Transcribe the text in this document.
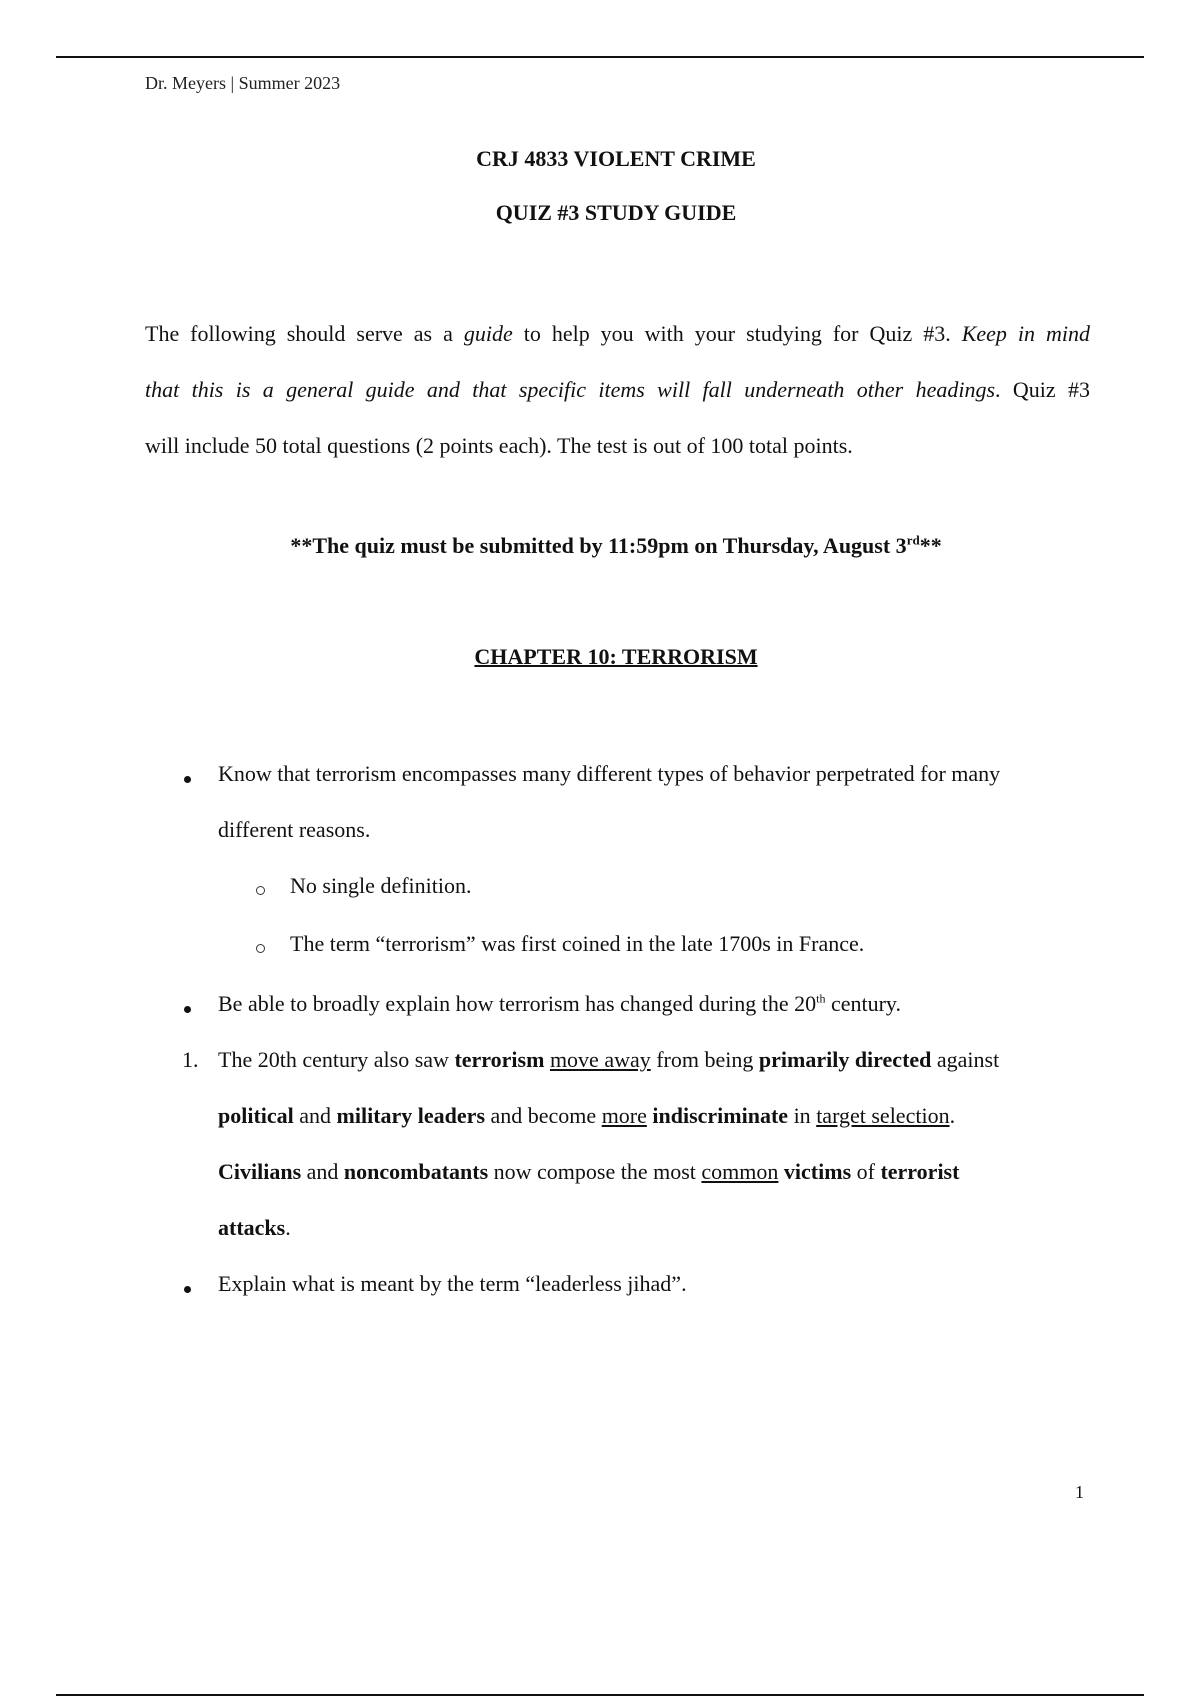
Dr. Meyers | Summer 2023
CRJ 4833 VIOLENT CRIME
QUIZ #3 STUDY GUIDE
The following should serve as a guide to help you with your studying for Quiz #3. Keep in mind
that this is a general guide and that specific items will fall underneath other headings. Quiz #3
will include 50 total questions (2 points each). The test is out of 100 total points.
**The quiz must be submitted by 11:59pm on Thursday, August 3rd**
CHAPTER 10: TERRORISM
Know that terrorism encompasses many different types of behavior perpetrated for many
different reasons.
No single definition.
The term “terrorism” was first coined in the late 1700s in France.
Be able to broadly explain how terrorism has changed during the 20th century.
1. The 20th century also saw terrorism move away from being primarily directed against
political and military leaders and become more indiscriminate in target selection.
Civilians and noncombatants now compose the most common victims of terrorist
attacks.
Explain what is meant by the term “leaderless jihad”.
1
